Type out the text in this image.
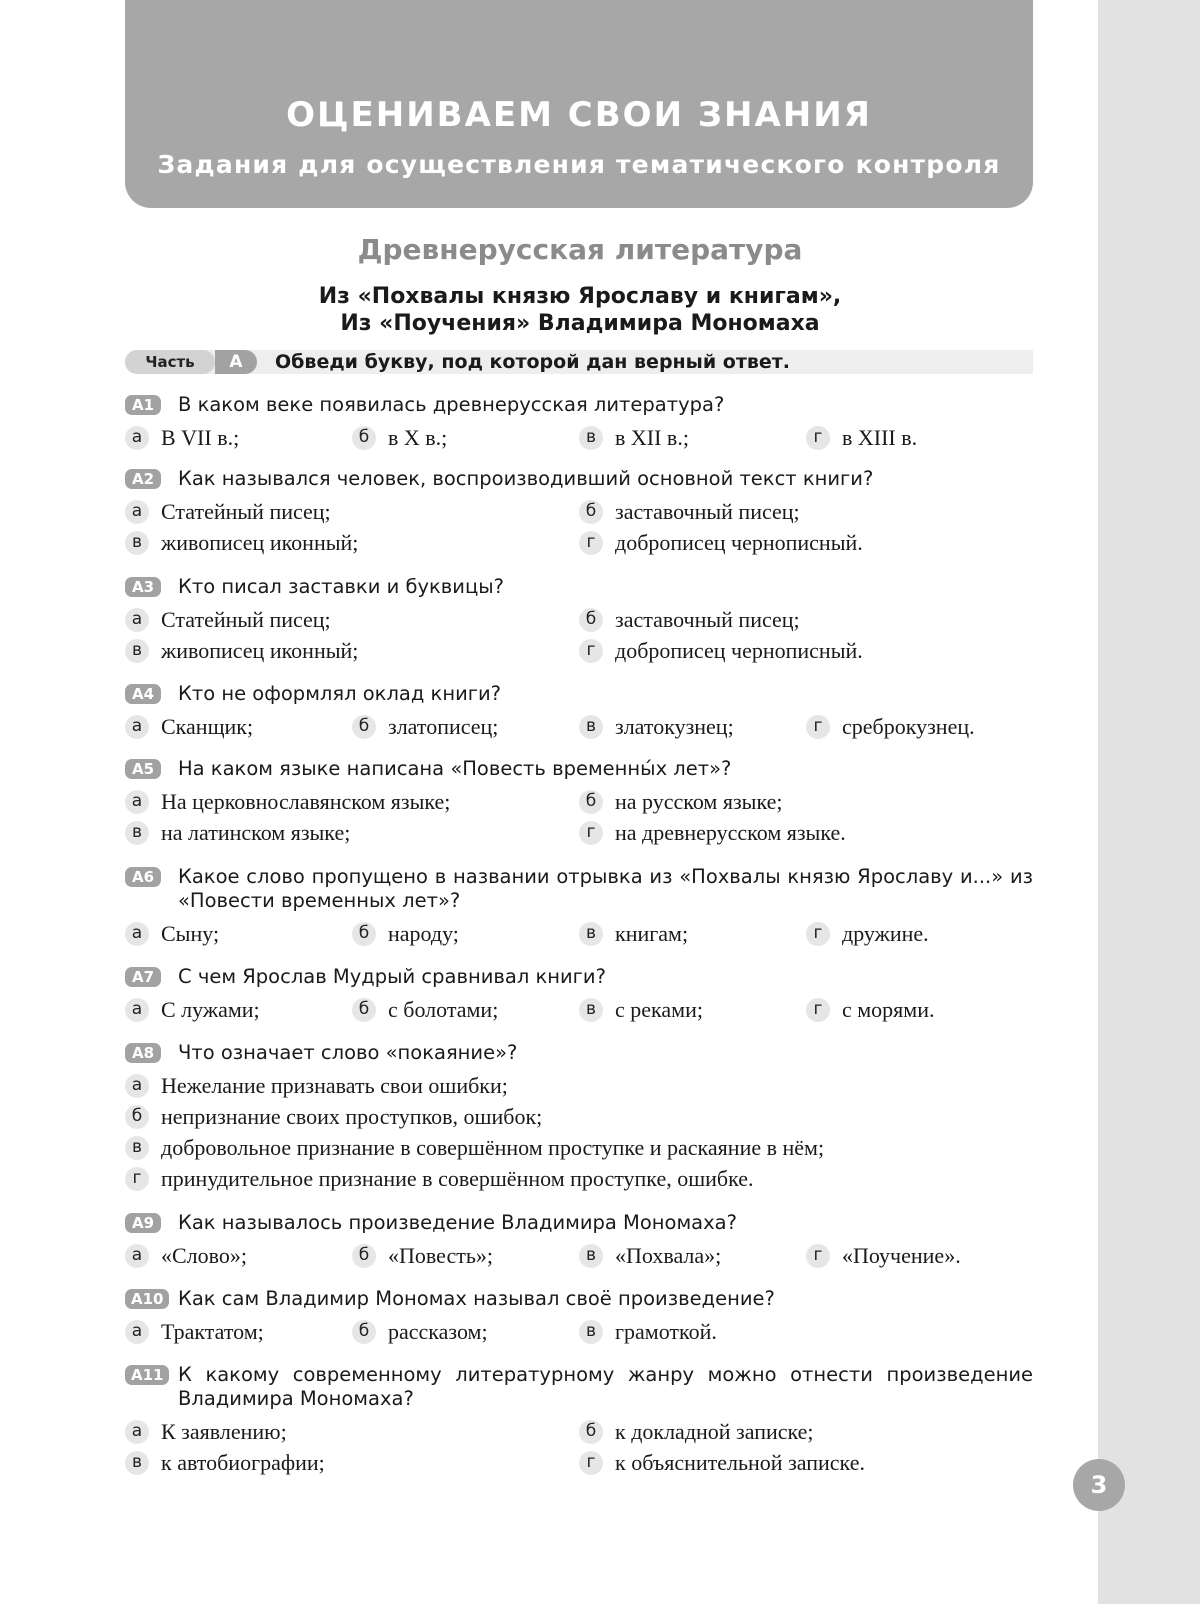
ОЦЕНИВАЕМ СВОИ ЗНАНИЯ
Задания для осуществления тематического контроля
Древнерусская литература
Из «Похвалы князю Ярославу и книгам»,
Из «Поучения» Владимира Мономаха
Часть	A	Обведи букву, под которой дан верный ответ.
A1	В каком веке появилась древнерусская литература?
а В VII в.;	б в X в.;	в в XII в.;	г в XIII в.
A2	Как назывался человек, воспроизводивший основной текст книги?
а Статейный писец;	б заставочный писец;
в живописец иконный;	г доброписец чернописный.
A3	Кто писал заставки и буквицы?
а Статейный писец;	б заставочный писец;
в живописец иконный;	г доброписец чернописный.
A4	Кто не оформлял оклад книги?
а Сканщик;	б златописец;	в златокузнец;	г среброкузнец.
A5	На каком языке написана «Повесть временны́х лет»?
а На церковнославянском языке;	б на русском языке;
в на латинском языке;	г на древнерусском языке.
A6	Какое слово пропущено в названии отрывка из «Похвалы князю Ярославу и...» из «Повести временных лет»?
а Сыну;	б народу;	в книгам;	г дружине.
A7	С чем Ярослав Мудрый сравнивал книги?
а С лужами;	б с болотами;	в с реками;	г с морями.
A8	Что означает слово «покаяние»?
а Нежелание признавать свои ошибки;
б непризнание своих проступков, ошибок;
в добровольное признание в совершённом проступке и раскаяние в нём;
г принудительное признание в совершённом проступке, ошибке.
A9	Как называлось произведение Владимира Мономаха?
а «Слово»;	б «Повесть»;	в «Похвала»;	г «Поучение».
A10 Как сам Владимир Мономах называл своё произведение?
а Трактатом;	б рассказом;	в грамоткой.
A11 К какому современному литературному жанру можно отнести произведение Владимира Мономаха?
а К заявлению;	б к докладной записке;
в к автобиографии;	г к объяснительной записке.
3
